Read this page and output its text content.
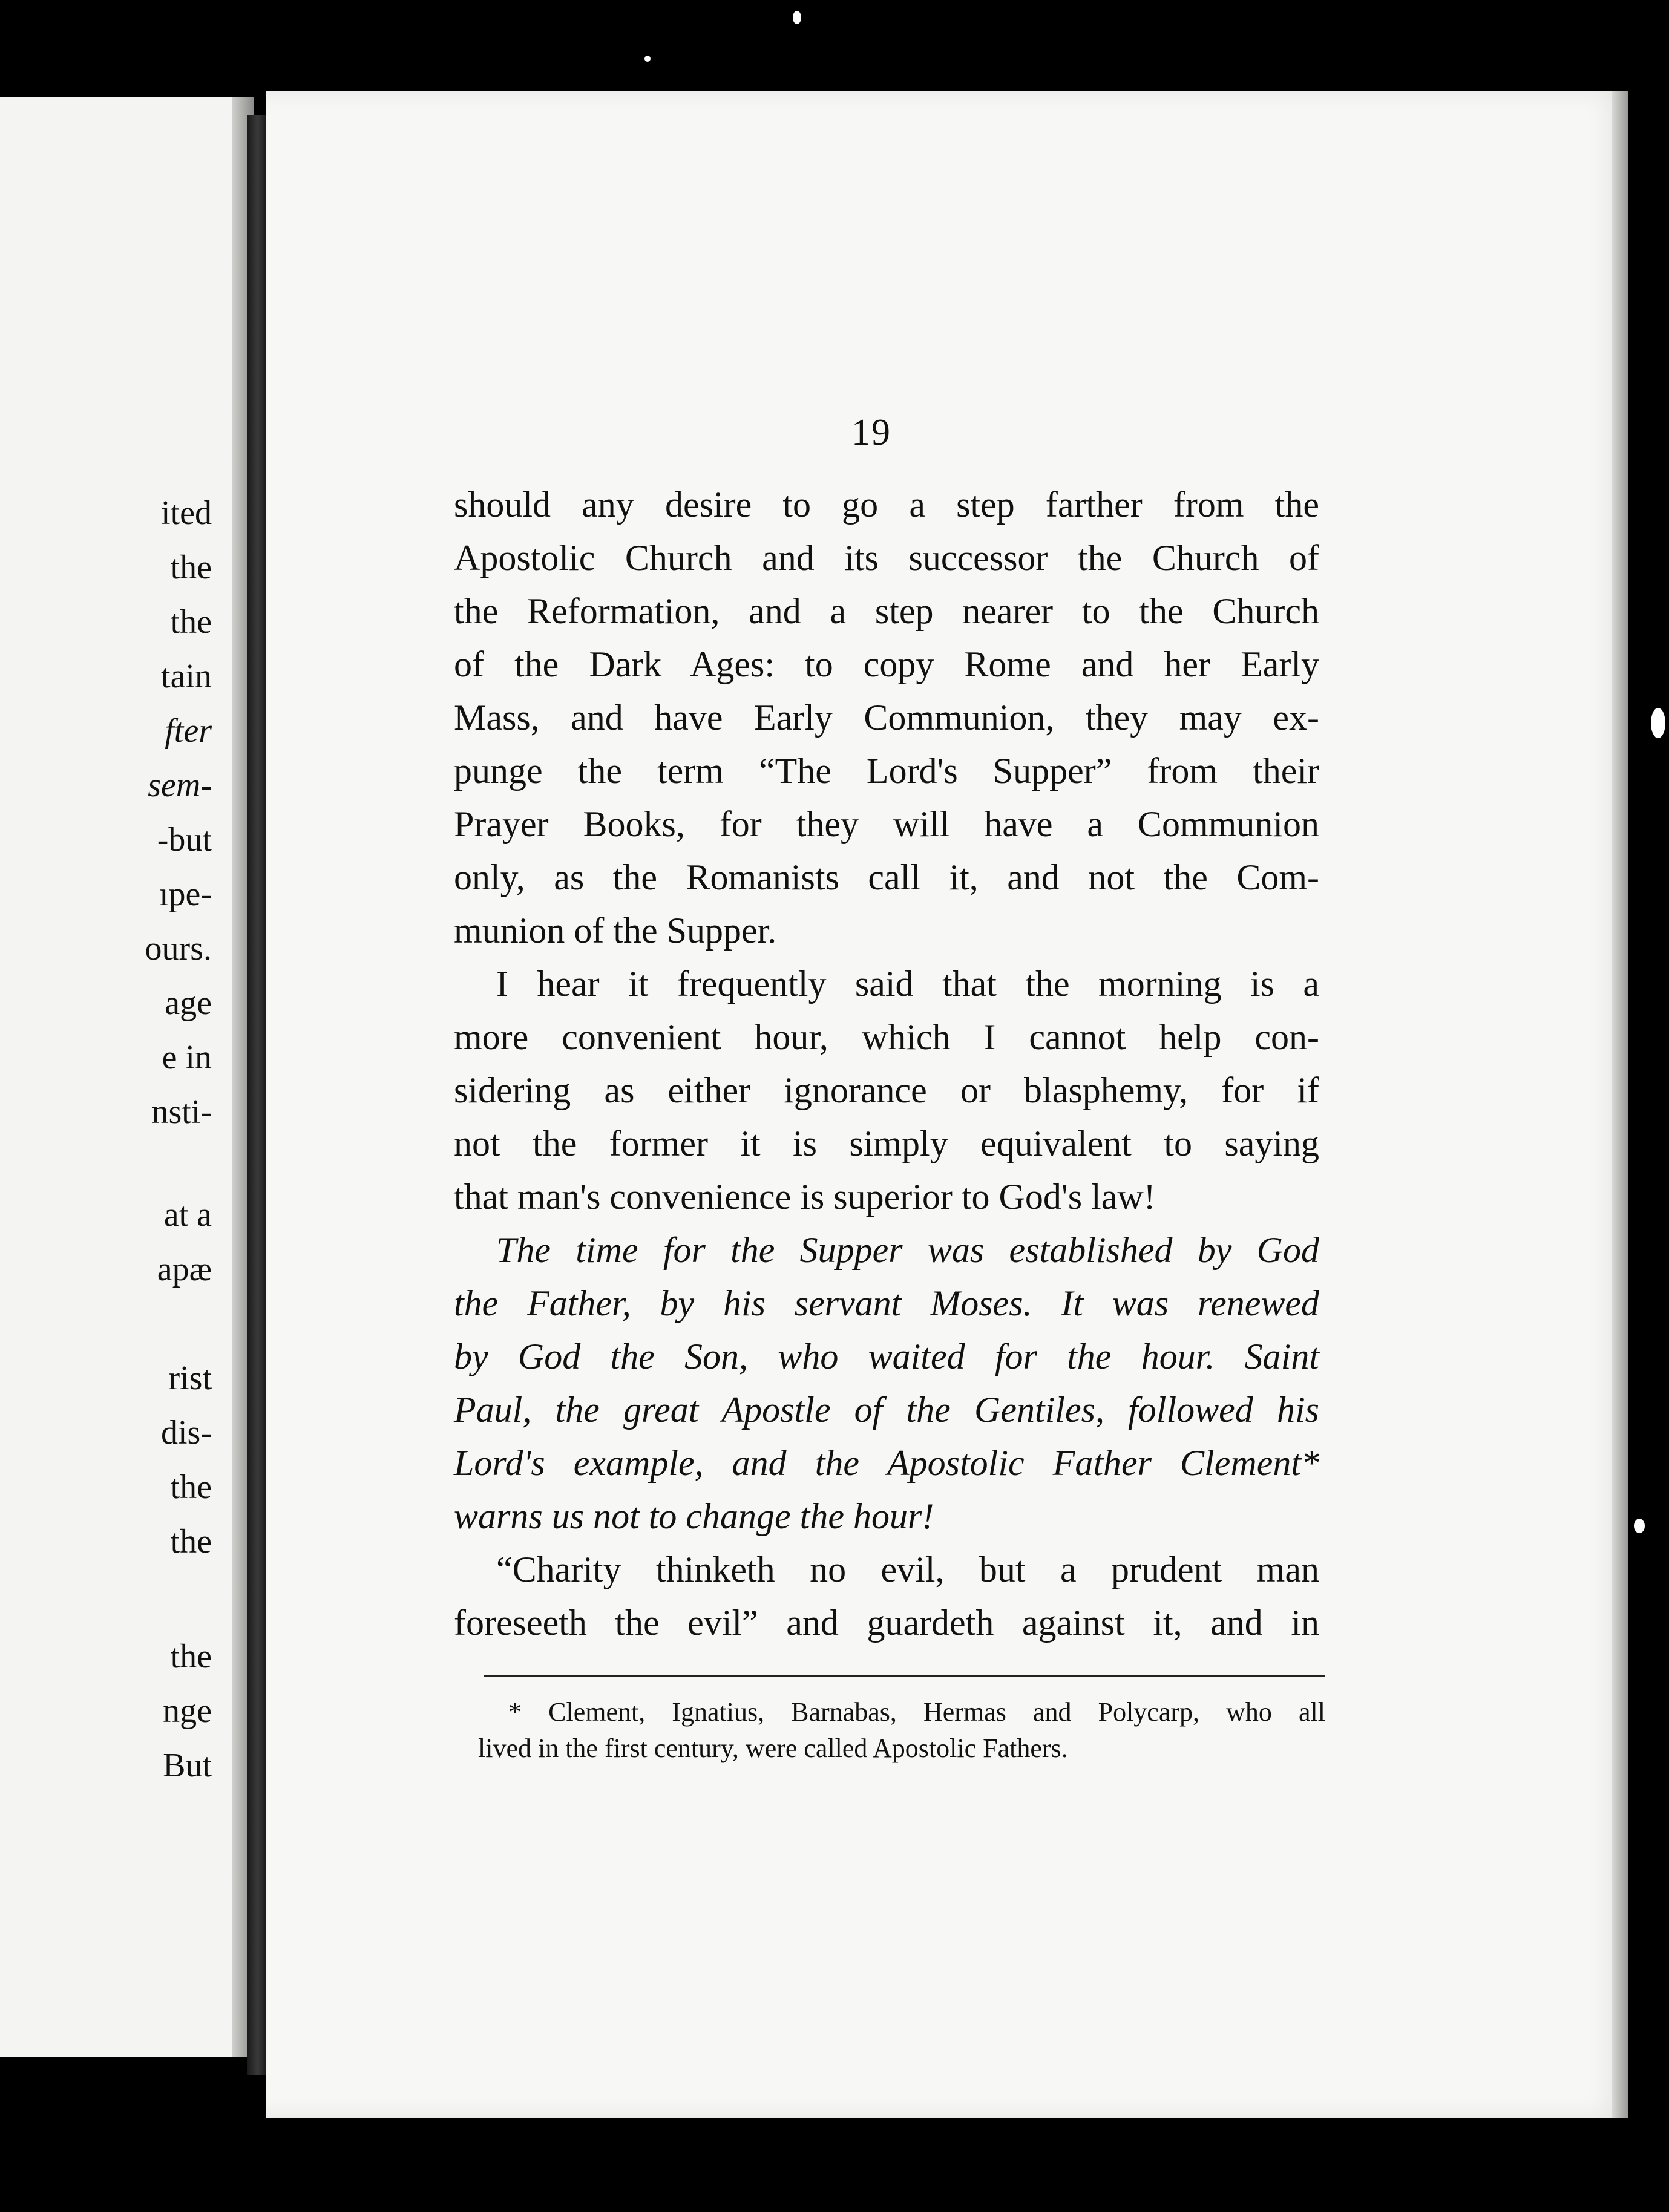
ited
the
the
tain
fter
sem-
-but
ıpe-
ours.
age
e in
nsti-
at a
apæ
rist
dis-
the
the
the
nge
But
19
should any desire to go a step farther from the
Apostolic Church and its successor the Church of
the Reformation, and a step nearer to the Church
of the Dark Ages: to copy Rome and her Early
Mass, and have Early Communion, they may ex-
punge the term “The Lord's Supper” from their
Prayer Books, for they will have a Communion
only, as the Romanists call it, and not the Com-
munion of the Supper.
I hear it frequently said that the morning is a
more convenient hour, which I cannot help con-
sidering as either ignorance or blasphemy, for if
not the former it is simply equivalent to saying
that man's convenience is superior to God's law!
The time for the Supper was established by God
the Father, by his servant Moses. It was renewed
by God the Son, who waited for the hour. Saint
Paul, the great Apostle of the Gentiles, followed his
Lord's example, and the Apostolic Father Clement*
warns us not to change the hour!
“Charity thinketh no evil, but a prudent man
foreseeth the evil” and guardeth against it, and in
* Clement, Ignatius, Barnabas, Hermas and Polycarp, who all
lived in the first century, were called Apostolic Fathers.
